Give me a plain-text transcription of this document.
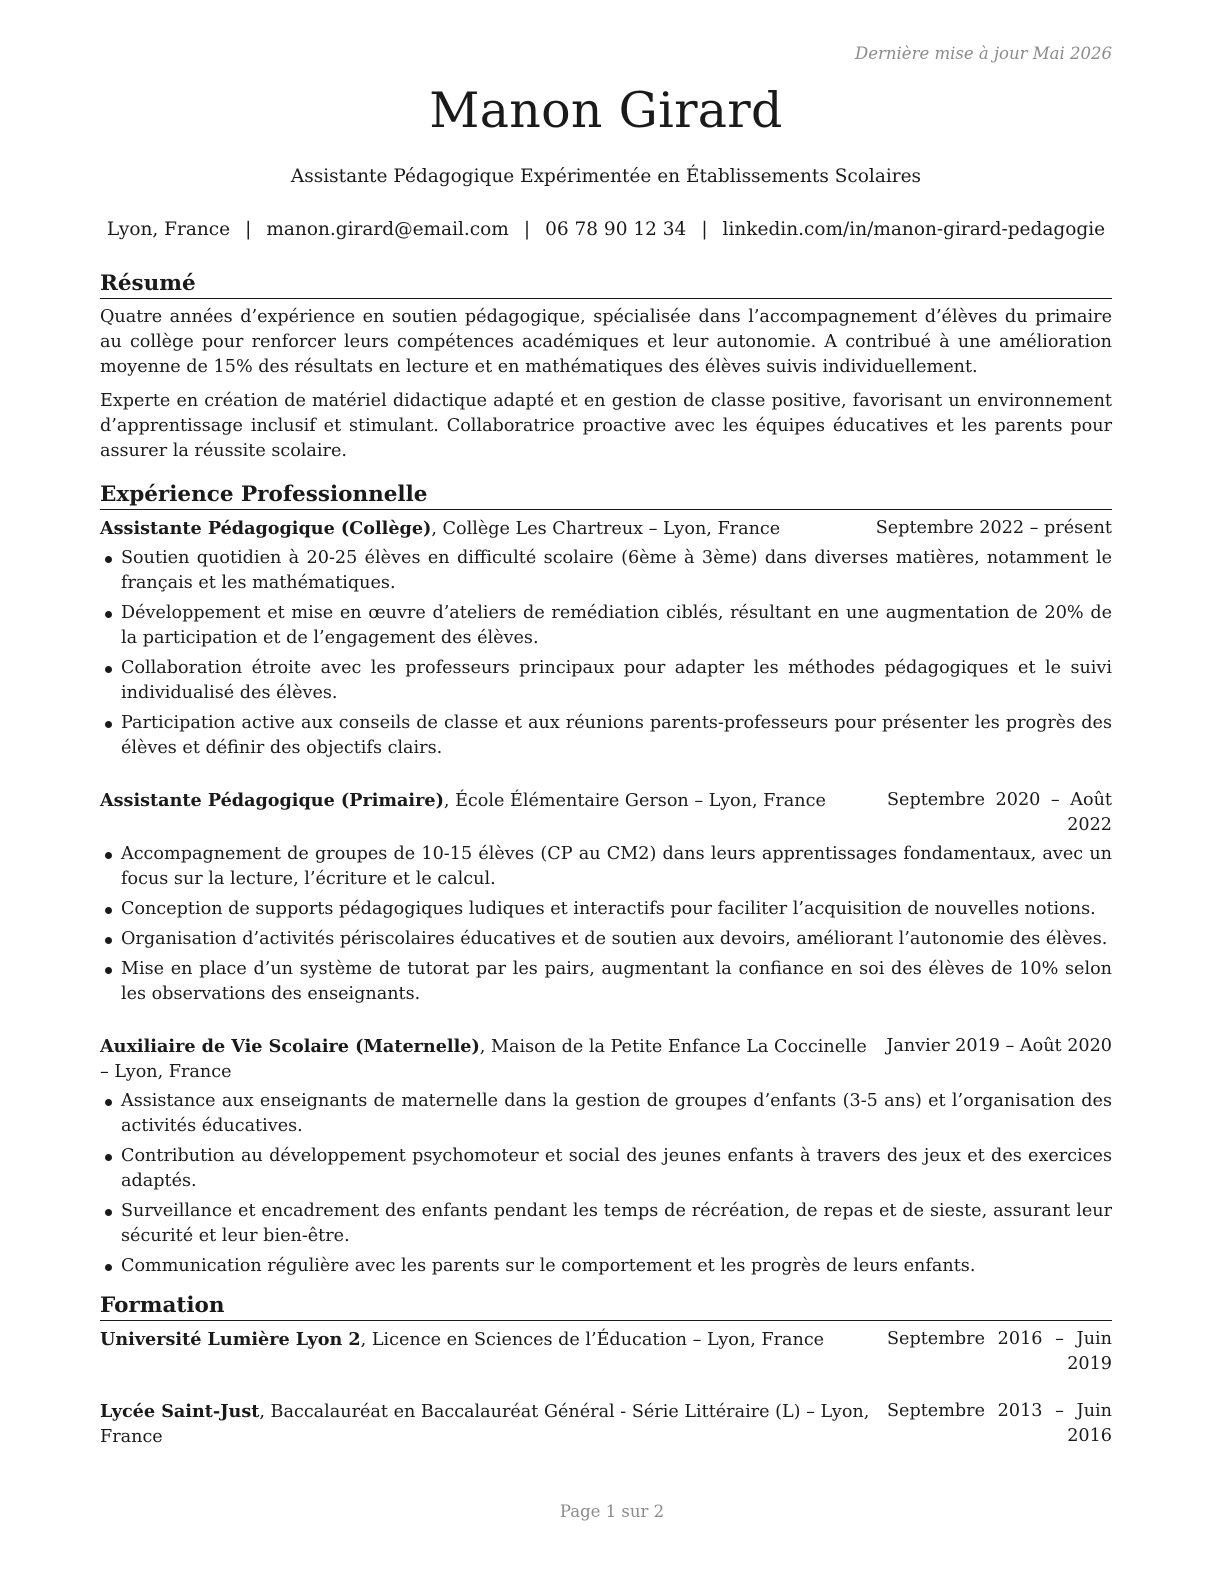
Dernière mise à jour Mai 2026
Manon Girard
Assistante Pédagogique Expérimentée en Établissements Scolaires
Lyon, France | manon.girard@email.com | 06 78 90 12 34 | linkedin.com/in/manon-girard-pedagogie
Résumé

Quatre années d’expérience en soutien pédagogique, spécialisée dans l’accompagnement d’élèves du primaire au collège pour renforcer leurs compétences académiques et leur autonomie. A contribué à une amélioration moyenne de 15% des résultats en lecture et en mathématiques des élèves suivis individuellement.

Experte en création de matériel didactique adapté et en gestion de classe positive, favorisant un environnement d’apprentissage inclusif et stimulant. Collaboratrice proactive avec les équipes éducatives et les parents pour assurer la réussite scolaire.

Expérience Professionnelle
Assistante Pédagogique (Collège), Collège Les Chartreux – Lyon, France	Septembre 2022 – présent
Soutien quotidien à 20-25 élèves en difficulté scolaire (6ème à 3ème) dans diverses matières, notamment le français et les mathématiques.
Développement et mise en œuvre d’ateliers de remédiation ciblés, résultant en une augmentation de 20% de la participation et de l’engagement des élèves.
Collaboration étroite avec les professeurs principaux pour adapter les méthodes pédagogiques et le suivi individualisé des élèves.
Participation active aux conseils de classe et aux réunions parents-professeurs pour présenter les progrès des élèves et définir des objectifs clairs.
Assistante Pédagogique (Primaire), École Élémentaire Gerson – Lyon, France	Septembre 2020 – Août 2022
Accompagnement de groupes de 10-15 élèves (CP au CM2) dans leurs apprentissages fondamentaux, avec un focus sur la lecture, l’écriture et le calcul.
Conception de supports pédagogiques ludiques et interactifs pour faciliter l’acquisition de nouvelles notions.
Organisation d’activités périscolaires éducatives et de soutien aux devoirs, améliorant l’autonomie des élèves.
Mise en place d’un système de tutorat par les pairs, augmentant la confiance en soi des élèves de 10% selon les observations des enseignants.
Auxiliaire de Vie Scolaire (Maternelle), Maison de la Petite Enfance La Coccinelle – Lyon, France
Janvier 2019 – Août 2020
Assistance aux enseignants de maternelle dans la gestion de groupes d’enfants (3-5 ans) et l’organisation des activités éducatives.
Contribution au développement psychomoteur et social des jeunes enfants à travers des jeux et des exercices adaptés.
Surveillance et encadrement des enfants pendant les temps de récréation, de repas et de sieste, assurant leur sécurité et leur bien-être.
Communication régulière avec les parents sur le comportement et les progrès de leurs enfants.
Formation
Université Lumière Lyon 2, Licence en Sciences de l’Éducation – Lyon, France	Septembre 2016 – Juin 2019
Lycée Saint-Just, Baccalauréat en Baccalauréat Général - Série Littéraire (L) – Lyon, France
Septembre 2013 – Juin 2016
Page 1 sur 2
